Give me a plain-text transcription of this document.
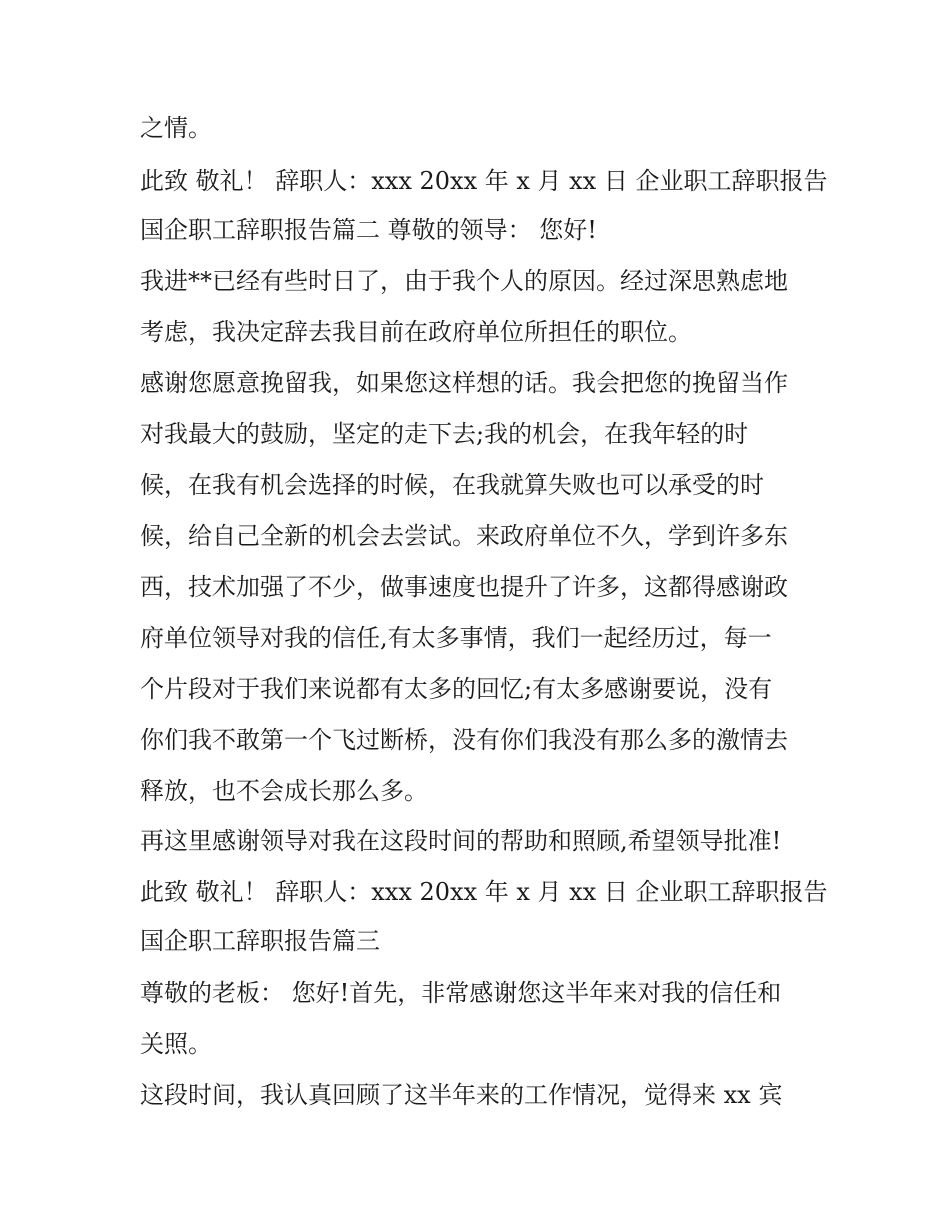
之情。
此致 敬礼！ 辞职人：xxx 20xx 年 x 月 xx 日 企业职工辞职报告
国企职工辞职报告篇二 尊敬的领导： 您好!
我进**已经有些时日了，由于我个人的原因。经过深思熟虑地
考虑，我决定辞去我目前在政府单位所担任的职位。
感谢您愿意挽留我，如果您这样想的话。我会把您的挽留当作
对我最大的鼓励，坚定的走下去;我的机会，在我年轻的时
候，在我有机会选择的时候，在我就算失败也可以承受的时
候，给自己全新的机会去尝试。来政府单位不久，学到许多东
西，技术加强了不少，做事速度也提升了许多，这都得感谢政
府单位领导对我的信任,有太多事情，我们一起经历过，每一
个片段对于我们来说都有太多的回忆;有太多感谢要说，没有
你们我不敢第一个飞过断桥，没有你们我没有那么多的激情去
释放，也不会成长那么多。
再这里感谢领导对我在这段时间的帮助和照顾,希望领导批准!
此致 敬礼！ 辞职人：xxx 20xx 年 x 月 xx 日 企业职工辞职报告
国企职工辞职报告篇三
尊敬的老板： 您好!首先，非常感谢您这半年来对我的信任和
关照。
这段时间，我认真回顾了这半年来的工作情况，觉得来 xx 宾
